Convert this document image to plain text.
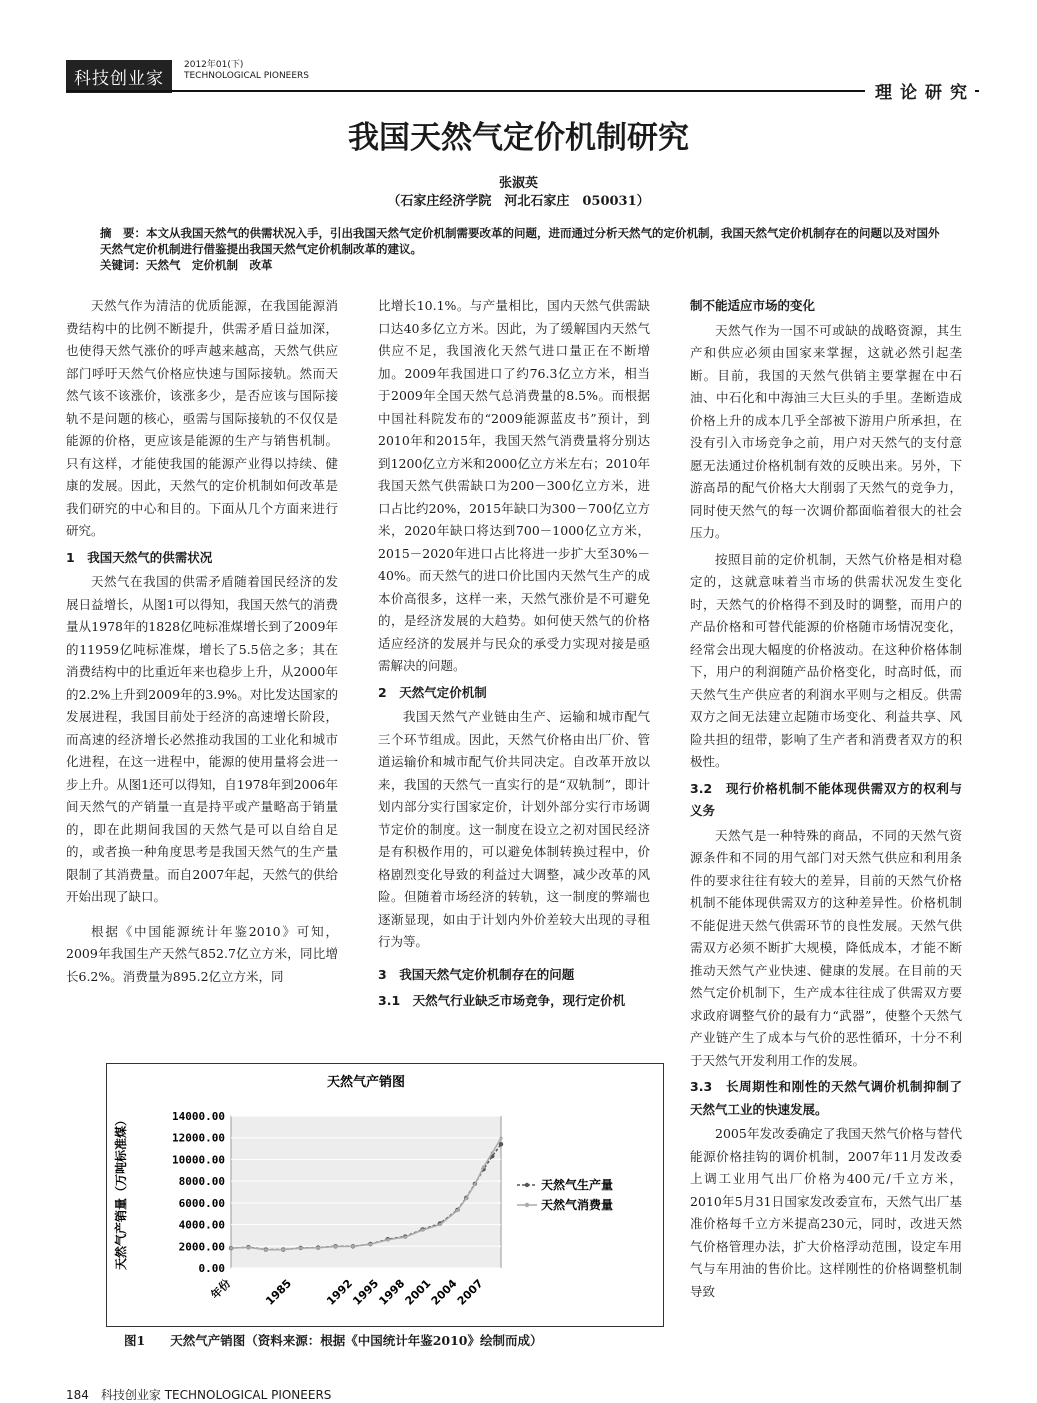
科技创业家
2012年01(下)
TECHNOLOGICAL PIONEERS
理论研究
我国天然气定价机制研究
张淑英
（石家庄经济学院　河北石家庄　050031）
摘　要：本文从我国天然气的供需状况入手，引出我国天然气定价机制需要改革的问题，进而通过分析天然气的定价机制，我国天然气定价机制存在的问题以及对国外天然气定价机制进行借鉴提出我国天然气定价机制改革的建议。
关键词：天然气　定价机制　改革

天然气作为清洁的优质能源，在我国能源消费结构中的比例不断提升，供需矛盾日益加深，也使得天然气涨价的呼声越来越高，天然气供应部门呼吁天然气价格应快速与国际接轨。然而天然气该不该涨价，该涨多少，是否应该与国际接轨不是问题的核心，亟需与国际接轨的不仅仅是能源的价格，更应该是能源的生产与销售机制。只有这样，才能使我国的能源产业得以持续、健康的发展。因此，天然气的定价机制如何改革是我们研究的中心和目的。下面从几个方面来进行研究。

1　我国天然气的供需状况

天然气在我国的供需矛盾随着国民经济的发展日益增长，从图1可以得知，我国天然气的消费量从1978年的1828亿吨标准煤增长到了2009年的11959亿吨标准煤，增长了5.5倍之多；其在消费结构中的比重近年来也稳步上升，从2000年的2.2%上升到2009年的3.9%。对比发达国家的发展进程，我国目前处于经济的高速增长阶段，而高速的经济增长必然推动我国的工业化和城市化进程，在这一进程中，能源的使用量将会进一步上升。从图1还可以得知，自1978年到2006年间天然气的产销量一直是持平或产量略高于销量的，即在此期间我国的天然气是可以自给自足的，或者换一种角度思考是我国天然气的生产量限制了其消费量。而自2007年起，天然气的供给开始出现了缺口。

根据《中国能源统计年鉴2010》可知，2009年我国生产天然气852.7亿立方米，同比增长6.2%。消费量为895.2亿立方米，同

比增长10.1%。与产量相比，国内天然气供需缺口达40多亿立方米。因此，为了缓解国内天然气供应不足，我国液化天然气进口量正在不断增加。2009年我国进口了约76.3亿立方米，相当于2009年全国天然气总消费量的8.5%。而根据中国社科院发布的“2009能源蓝皮书”预计，到2010年和2015年，我国天然气消费量将分别达到1200亿立方米和2000亿立方米左右；2010年我国天然气供需缺口为200－300亿立方米，进口占比约20%，2015年缺口为300－700亿立方米，2020年缺口将达到700－1000亿立方米，2015－2020年进口占比将进一步扩大至30%－40%。而天然气的进口价比国内天然气生产的成本价高很多，这样一来，天然气涨价是不可避免的，是经济发展的大趋势。如何使天然气的价格适应经济的发展并与民众的承受力实现对接是亟需解决的问题。

2　天然气定价机制

我国天然气产业链由生产、运输和城市配气三个环节组成。因此，天然气价格由出厂价、管道运输价和城市配气价共同决定。自改革开放以来，我国的天然气一直实行的是“双轨制”，即计划内部分实行国家定价，计划外部分实行市场调节定价的制度。这一制度在设立之初对国民经济是有积极作用的，可以避免体制转换过程中，价格剧烈变化导致的利益过大调整，减少改革的风险。但随着市场经济的转轨，这一制度的弊端也逐渐显现，如由于计划内外价差较大出现的寻租行为等。

3　我国天然气定价机制存在的问题
3.1　天然气行业缺乏市场竞争，现行定价机
制不能适应市场的变化

天然气作为一国不可或缺的战略资源，其生产和供应必须由国家来掌握，这就必然引起垄断。目前，我国的天然气供销主要掌握在中石油、中石化和中海油三大巨头的手里。垄断造成价格上升的成本几乎全部被下游用户所承担，在没有引入市场竞争之前，用户对天然气的支付意愿无法通过价格机制有效的反映出来。另外，下游高昂的配气价格大大削弱了天然气的竞争力，同时使天然气的每一次调价都面临着很大的社会压力。

按照目前的定价机制，天然气价格是相对稳定的，这就意味着当市场的供需状况发生变化时，天然气的价格得不到及时的调整，而用户的产品价格和可替代能源的价格随市场情况变化，经常会出现大幅度的价格波动。在这种价格体制下，用户的利润随产品价格变化，时高时低，而天然气生产供应者的利润水平则与之相反。供需双方之间无法建立起随市场变化、利益共享、风险共担的纽带，影响了生产者和消费者双方的积极性。

3.2　现行价格机制不能体现供需双方的权利与义务

天然气是一种特殊的商品，不同的天然气资源条件和不同的用气部门对天然气供应和利用条件的要求往往有较大的差异，目前的天然气价格机制不能体现供需双方的这种差异性。价格机制不能促进天然气供需环节的良性发展。天然气供需双方必须不断扩大规模，降低成本，才能不断推动天然气产业快速、健康的发展。在目前的天然气定价机制下，生产成本往往成了供需双方要求政府调整气价的最有力“武器”，使整个天然气产业链产生了成本与气价的恶性循环，十分不利于天然气开发利用工作的发展。

3.3　长周期性和刚性的天然气调价机制抑制了天然气工业的快速发展。

2005年发改委确定了我国天然气价格与替代能源价格挂钩的调价机制，2007年11月发改委上调工业用气出厂价格为400元/千立方米，2010年5月31日国家发改委宣布，天然气出厂基准价格每千立方米提高230元，同时，改进天然气价格管理办法，扩大价格浮动范围，设定车用气与车用油的售价比。这样刚性的价格调整机制导致

天然气产销图
14000.00
12000.00
10000.00
8000.00
6000.00
4000.00
2000.00
0.00
天然气产销量（万吨标准煤）
年份	1985	1992
1995
1998
2001
2004
2007
天然气生产量
天然气消费量
图1　　天然气产销图（资料来源：根据《中国统计年鉴2010》绘制而成）
184　科技创业家 TECHNOLOGICAL PIONEERS
